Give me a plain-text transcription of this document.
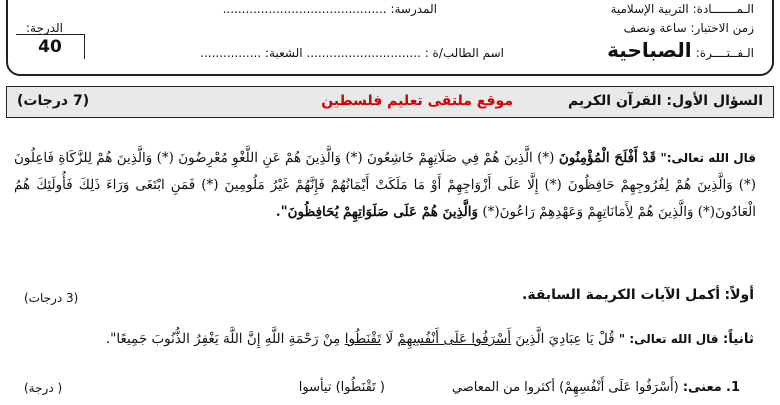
الـمـــــــادة: التربية الإسلامية
المدرسة: ...........................................
زمن الاختبار: ساعة ونصف
الدرجة:
الـفــتــــرة: الصباحية
اسم الطالب/ة : .............................. الشعبة: ................
40
السؤال الأول: القرآن الكريم
موقع ملتقى تعليم فلسطين
(7 درجات)
قال الله تعالى:" قَدْ أَفْلَحَ الْمُؤْمِنُونَ (*) الَّذِينَ هُمْ فِي صَلَاتِهِمْ خَاشِعُونَ (*) وَالَّذِينَ هُمْ عَنِ اللَّغْوِ مُعْرِضُونَ (*) وَالَّذِينَ هُمْ لِلزَّكَاةِ فَاعِلُونَ (*) وَالَّذِينَ هُمْ لِفُرُوجِهِمْ حَافِظُونَ (*) إِلَّا عَلَى أَزْوَاجِهِمْ أَوْ مَا مَلَكَتْ أَيْمَانُهُمْ فَإِنَّهُمْ غَيْرُ مَلُومِينَ (*) فَمَنِ ابْتَغَى وَرَاءَ ذَلِكَ فَأُولَئِكَ هُمُ الْعَادُونَ(*) وَالَّذِينَ هُمْ لِأَمَانَاتِهِمْ وَعَهْدِهِمْ رَاعُونَ(*) وَالَّذِينَ هُمْ عَلَى صَلَوَاتِهِمْ يُحَافِظُونَ".
أولاً: أكمل الآيات الكريمة السابقة.
(3 درجات)
ثانياً: قال الله تعالى: " قُلْ يَا عِبَادِيَ الَّذِينَ أَسْرَفُوا عَلَى أَنْفُسِهِمْ لَا تَقْنَطُوا مِنْ رَحْمَةِ اللَّهِ إِنَّ اللَّهَ يَغْفِرُ الذُّنُوبَ جَمِيعًا".
1. معنى: (أَسْرَفُوا عَلَى أَنْفُسِهِمْ) أكثروا من المعاصي
( تَقْنَطُوا) تيأسوا
( درجة)
